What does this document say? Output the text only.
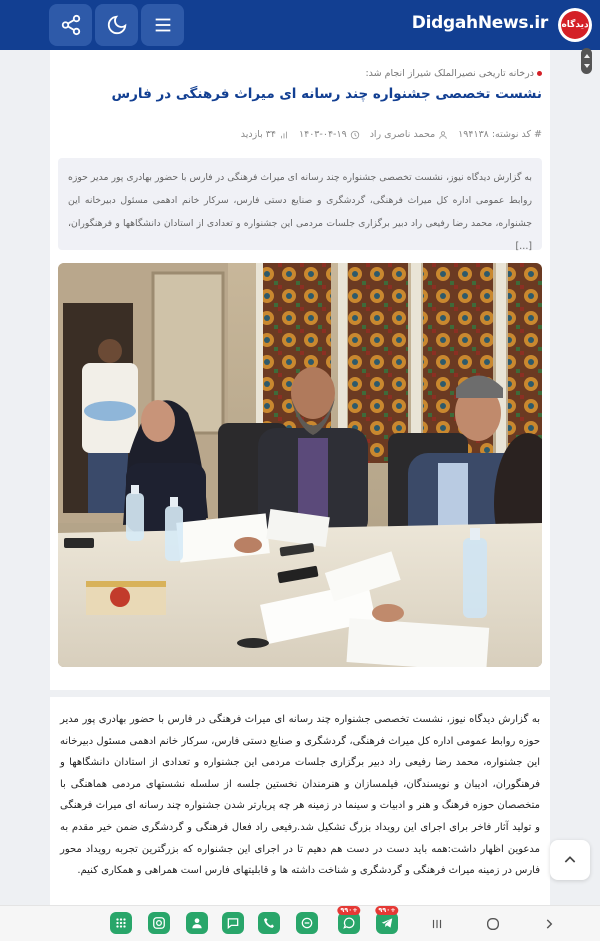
DidgahNews.ir دیدگاه
درخانه تاریخی نصیرالملک شیراز انجام شد:
نشست تخصصی جشنواره چند رسانه ای میراث فرهنگی در فارس
#
کد نوشته: ۱۹۴۱۳۸
محمد ناصری راد
۱۴۰۳-۰۴-۱۹
۳۴ بازدید
به گزارش دیدگاه نیوز، نشست تخصصی جشنواره چند رسانه ای میراث فرهنگی در فارس با حضور بهادری پور مدیر حوزه روابط عمومی اداره کل میراث فرهنگی، گردشگری و صنایع دستی فارس، سرکار خانم ادهمی مسئول دبیرخانه این جشنواره، محمد رضا رفیعی راد دبیر برگزاری جلسات مردمی این جشنواره و تعدادی از استادان دانشگاهها و فرهنگوران، […]
به گزارش دیدگاه نیوز، نشست تخصصی جشنواره چند رسانه ای میراث فرهنگی در فارس با حضور بهادری پور مدیر حوزه روابط عمومی اداره کل میراث فرهنگی، گردشگری و صنایع دستی فارس، سرکار خانم ادهمی مسئول دبیرخانه این جشنواره، محمد رضا رفیعی راد دبیر برگزاری جلسات مردمی این جشنواره و تعدادی از استادان دانشگاهها و فرهنگوران، ادیبان و نویسندگان، فیلمسازان و هنرمندان نخستین جلسه از سلسله نشستهای مردمی هماهنگی با متخصصان حوزه فرهنگ و هنر و ادبیات و سینما در زمینه هر چه پربارتر شدن جشنواره چند رسانه ای میراث فرهنگی و تولید آثار فاخر برای اجرای این رویداد بزرگ تشکیل شد.رفیعی راد فعال فرهنگی و گردشگری ضمن خیر مقدم به مدعوین اظهار داشت:همه باید دست در دست هم دهیم تا در اجرای این جشنواره که بزرگترین تجربه رویداد محور فارس در زمینه میراث فرهنگی و گردشگری و شناخت داشته ها و قابلیتهای فارس است همراهی و همکاری کنیم.
۹۹۰+	۹۹۰+
